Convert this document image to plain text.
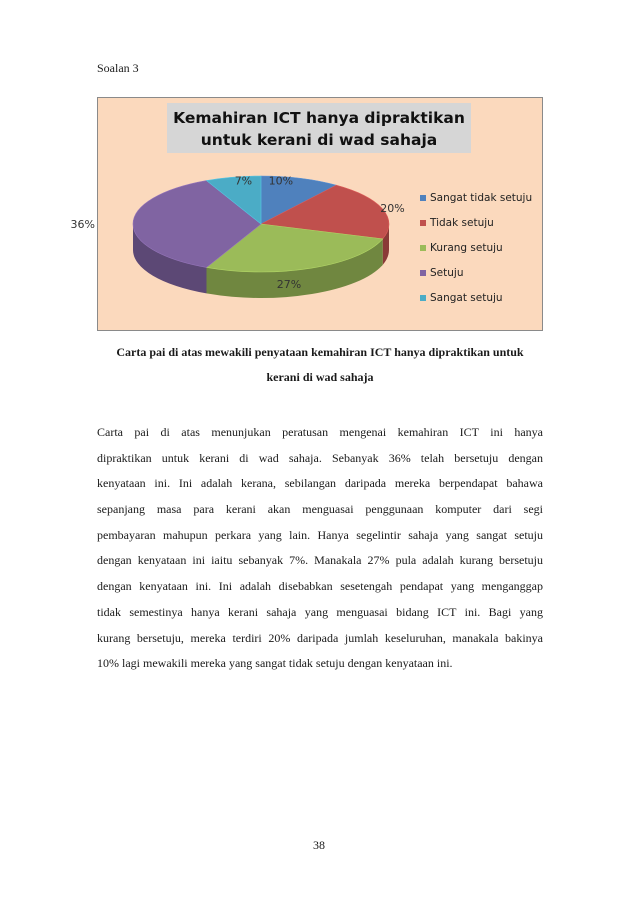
Soalan 3
Kemahiran ICT hanya dipraktikan
untuk kerani di wad sahaja
10%
20%
27%
36%
7%
Sangat tidak setuju
Tidak setuju
Kurang setuju
Setuju
Sangat setuju
Carta pai di atas mewakili penyataan kemahiran ICT hanya dipraktikan untuk
kerani di wad sahaja
Carta pai di atas menunjukan peratusan mengenai kemahiran ICT ini hanya
dipraktikan untuk kerani di wad sahaja. Sebanyak 36% telah bersetuju dengan
kenyataan ini. Ini adalah kerana, sebilangan daripada mereka berpendapat bahawa
sepanjang masa para kerani akan menguasai penggunaan komputer dari segi
pembayaran mahupun perkara yang lain. Hanya segelintir sahaja yang sangat setuju
dengan kenyataan ini iaitu sebanyak 7%. Manakala 27% pula adalah kurang bersetuju
dengan kenyataan ini. Ini adalah disebabkan sesetengah pendapat yang menganggap
tidak semestinya hanya kerani sahaja yang menguasai bidang ICT ini. Bagi yang
kurang bersetuju, mereka terdiri 20% daripada jumlah keseluruhan, manakala bakinya
10% lagi mewakili mereka yang sangat tidak setuju dengan kenyataan ini.
38
